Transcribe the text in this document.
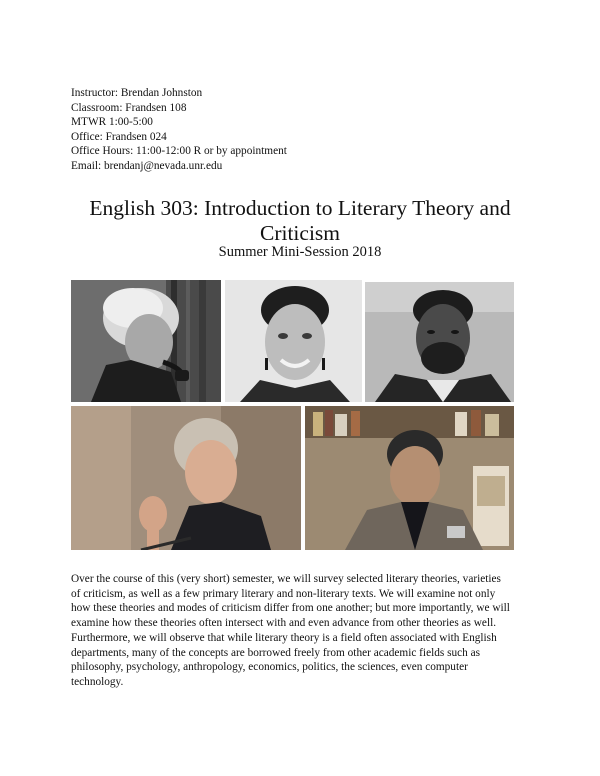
Instructor: Brendan Johnston
Classroom: Frandsen 108
MTWR 1:00-5:00
Office: Frandsen 024
Office Hours: 11:00-12:00 R or by appointment
Email: brendanj@nevada.unr.edu
English 303: Introduction to Literary Theory and
Criticism
Summer Mini-Session 2018
Over the course of this (very short) semester, we will survey selected literary theories, varieties
of criticism, as well as a few primary literary and non-literary texts. We will examine not only
how these theories and modes of criticism differ from one another; but more importantly, we will
examine how these theories often intersect with and even advance from other theories as well.
Furthermore, we will observe that while literary theory is a field often associated with English
departments, many of the concepts are borrowed freely from other academic fields such as
philosophy, psychology, anthropology, economics, politics, the sciences, even computer
technology.
